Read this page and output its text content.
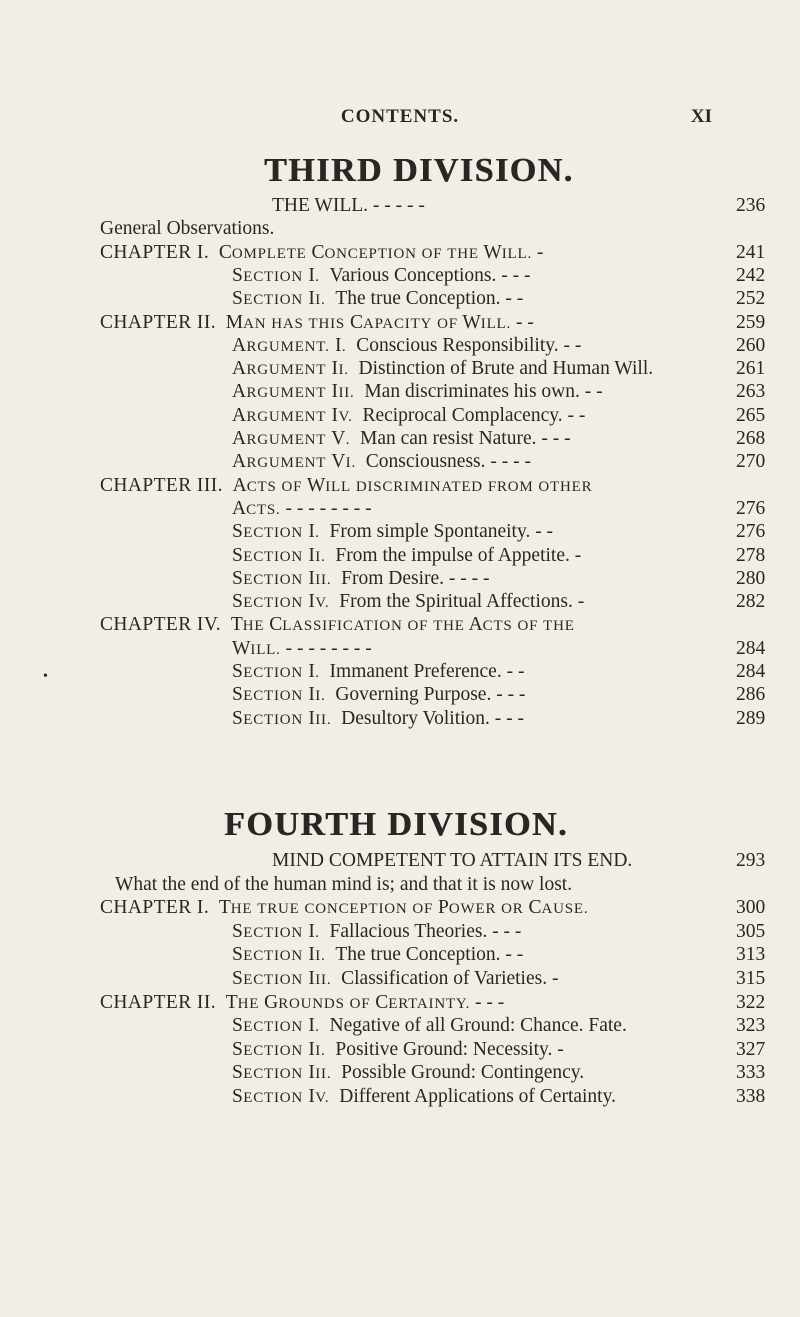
CONTENTS.	XI
THIRD DIVISION.
THE WILL. - - - - -	236
General Observations.
CHAPTER I. COMPLETE CONCEPTION OF THE WILL. -	241
SECTION I. Various Conceptions. - - -	242
SECTION II. The true Conception. - -	252
CHAPTER II. MAN HAS THIS CAPACITY OF WILL. - -	259
ARGUMENT. I. Conscious Responsibility. - -	260
ARGUMENT II. Distinction of Brute and Human Will.	261
ARGUMENT III. Man discriminates his own. - -	263
ARGUMENT IV. Reciprocal Complacency. - -	265
ARGUMENT V. Man can resist Nature. - - -	268
ARGUMENT VI. Consciousness. - - - -	270
CHAPTER III. ACTS OF WILL DISCRIMINATED FROM OTHER
ACTS. - - - - - - - -	276
SECTION I. From simple Spontaneity. - -	276
SECTION II. From the impulse of Appetite. -	278
SECTION III. From Desire. - - - -	280
SECTION IV. From the Spiritual Affections. -	282
CHAPTER IV. THE CLASSIFICATION OF THE ACTS OF THE
WILL. - - - - - - - -	284
SECTION I. Immanent Preference. - -	284
SECTION II. Governing Purpose. - - -	286
SECTION III. Desultory Volition. - - -	289
FOURTH DIVISION.
MIND COMPETENT TO ATTAIN ITS END.	293
What the end of the human mind is; and that it is now lost.
CHAPTER I. THE TRUE CONCEPTION OF POWER OR CAUSE.	300
SECTION I. Fallacious Theories. - - -	305
SECTION II. The true Conception. - -	313
SECTION III. Classification of Varieties. -	315
CHAPTER II. THE GROUNDS OF CERTAINTY. - - -	322
SECTION I. Negative of all Ground: Chance. Fate.	323
SECTION II. Positive Ground: Necessity. -	327
SECTION III. Possible Ground: Contingency.	333
SECTION IV. Different Applications of Certainty.	338
•
